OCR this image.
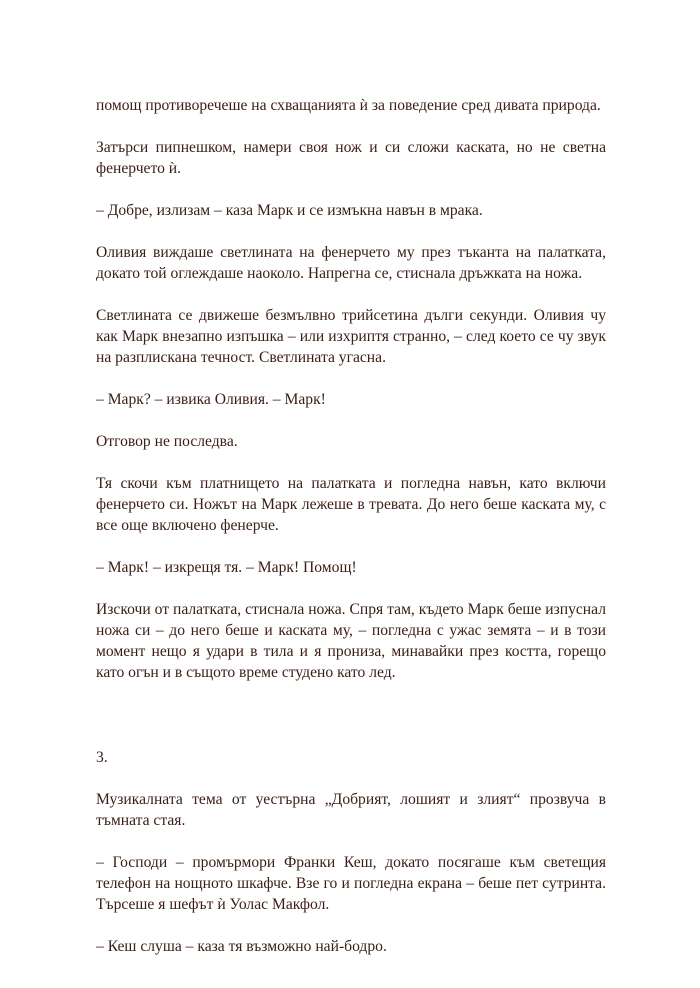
помощ противоречеше на схващанията ѝ за поведение сред дивата природа.

Затърси пипнешком, намери своя нож и си сложи каската, но не светна фенерчето ѝ.

– Добре, излизам – каза Марк и се измъкна навън в мрака.

Оливия виждаше светлината на фенерчето му през тъканта на палатката, докато той оглеждаше наоколо. Напрегна се, стиснала дръжката на ножа.

Светлината се движеше безмълвно трийсетина дълги секунди. Оливия чу как Марк внезапно изпъшка – или изхриптя странно, – след което се чу звук на разплискана течност. Светлината угасна.

– Марк? – извика Оливия. – Марк!

Отговор не последва.

Тя скочи към платнището на палатката и погледна навън, като включи фенерчето си. Ножът на Марк лежеше в тревата. До него беше каската му, с все още включено фенерче.

– Марк! – изкрещя тя. – Марк! Помощ!

Изскочи от палатката, стиснала ножа. Спря там, където Марк беше изпуснал ножа си – до него беше и каската му, – погледна с ужас земята – и в този момент нещо я удари в тила и я прониза, минавайки през костта, горещо като огън и в същото време студено като лед.

3.

Музикалната тема от уестърна „Добрият, лошият и злият“ прозвуча в тъмната стая.

– Господи – промърмори Франки Кеш, докато посягаше към светещия телефон на нощното шкафче. Взе го и погледна екрана – беше пет сутринта. Търсеше я шефът ѝ Уолас Макфол.

– Кеш слуша – каза тя възможно най-бодро.
